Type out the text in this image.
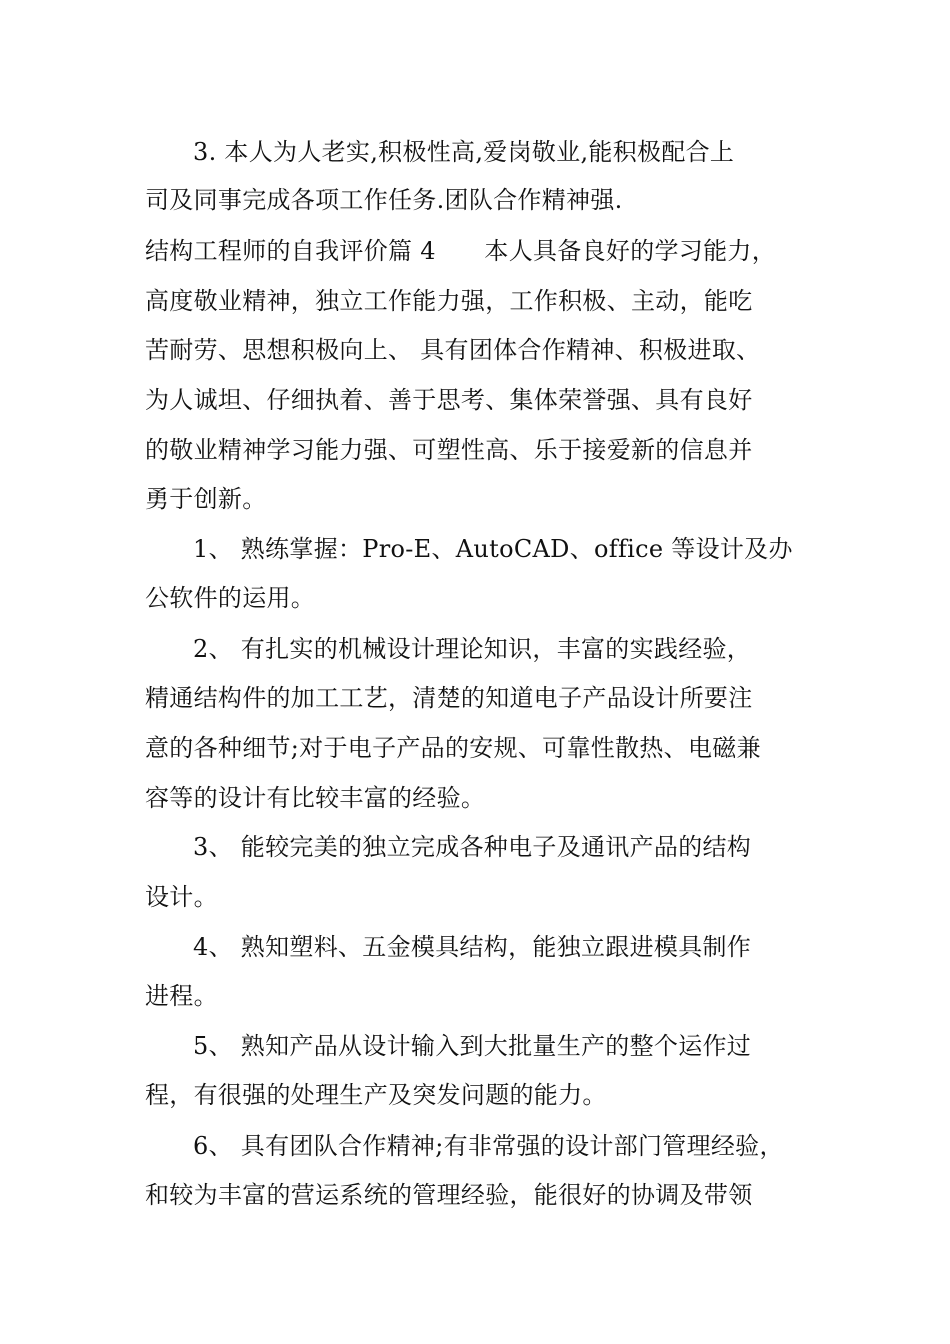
3. 本人为人老实,积极性高,爱岗敬业,能积极配合上
司及同事完成各项工作任务.团队合作精神强.
结构工程师的自我评价篇 4　　本人具备良好的学习能力，
高度敬业精神，独立工作能力强，工作积极、主动，能吃
苦耐劳、思想积极向上、 具有团体合作精神、积极进取、
为人诚坦、仔细执着、善于思考、集体荣誉强、具有良好
的敬业精神学习能力强、可塑性高、乐于接爱新的信息并
勇于创新。
1、 熟练掌握：Pro-E、AutoCAD、office 等设计及办
公软件的运用。
2、 有扎实的机械设计理论知识，丰富的实践经验，
精通结构件的加工工艺，清楚的知道电子产品设计所要注
意的各种细节;对于电子产品的安规、可靠性散热、电磁兼
容等的设计有比较丰富的经验。
3、 能较完美的独立完成各种电子及通讯产品的结构
设计。
4、 熟知塑料、五金模具结构，能独立跟进模具制作
进程。
5、 熟知产品从设计输入到大批量生产的整个运作过
程，有很强的处理生产及突发问题的能力。
6、 具有团队合作精神;有非常强的设计部门管理经验，
和较为丰富的营运系统的管理经验，能很好的协调及带领
